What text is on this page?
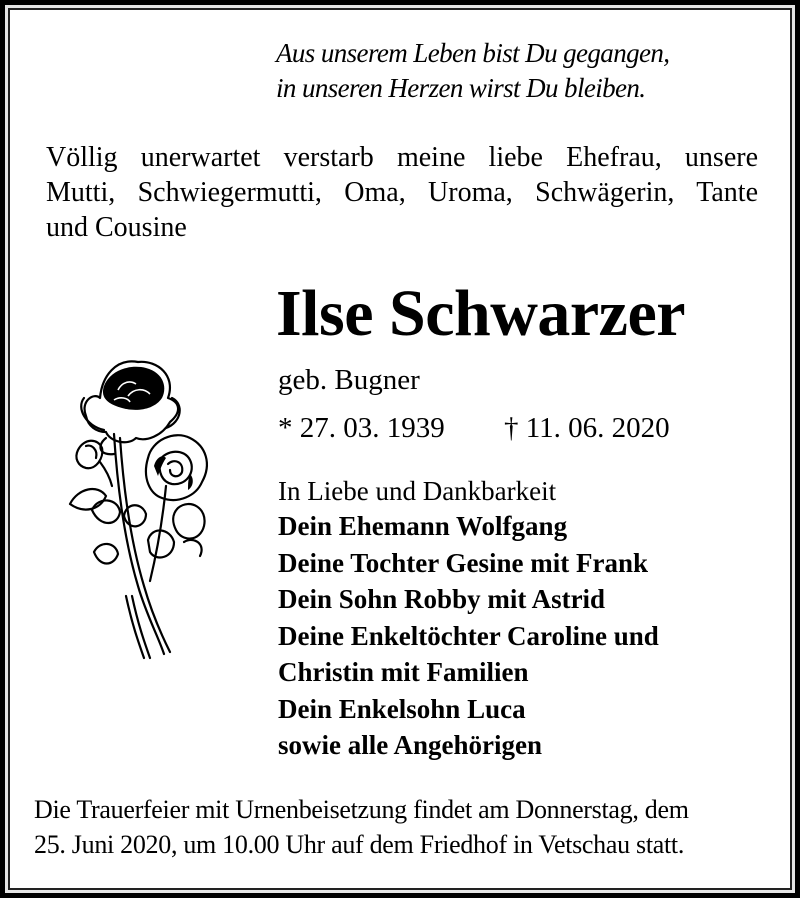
Aus unserem Leben bist Du gegangen,
in unseren Herzen wirst Du bleiben.
Völlig unerwartet verstarb meine liebe Ehefrau, unsere
Mutti, Schwiegermutti, Oma, Uroma, Schwägerin, Tante
und Cousine
Ilse Schwarzer
geb. Bugner
* 27. 03. 1939 † 11. 06. 2020
In Liebe und Dankbarkeit
Dein Ehemann Wolfgang
Deine Tochter Gesine mit Frank
Dein Sohn Robby mit Astrid
Deine Enkeltöchter Caroline und
Christin mit Familien
Dein Enkelsohn Luca
sowie alle Angehörigen
Die Trauerfeier mit Urnenbeisetzung findet am Donnerstag, dem
25. Juni 2020, um 10.00 Uhr auf dem Friedhof in Vetschau statt.
